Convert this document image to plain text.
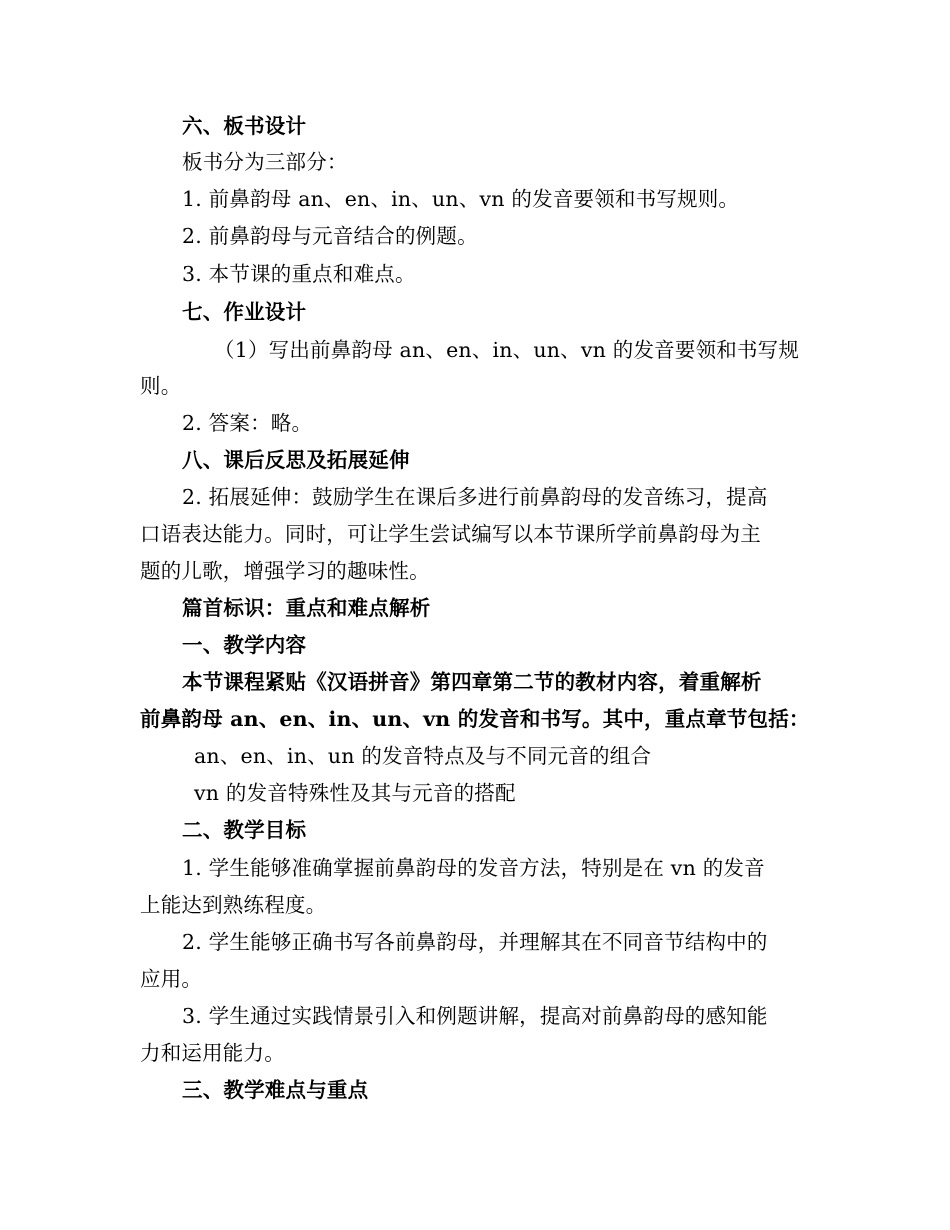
六、板书设计
板书分为三部分：
1. 前鼻韵母 an、en、in、un、vn 的发音要领和书写规则。
2. 前鼻韵母与元音结合的例题。
3. 本节课的重点和难点。
七、作业设计
（1）写出前鼻韵母 an、en、in、un、vn 的发音要领和书写规
则。
2. 答案：略。
八、课后反思及拓展延伸
2. 拓展延伸：鼓励学生在课后多进行前鼻韵母的发音练习，提高
口语表达能力。同时，可让学生尝试编写以本节课所学前鼻韵母为主
题的儿歌，增强学习的趣味性。
篇首标识：重点和难点解析
一、教学内容
本节课程紧贴《汉语拼音》第四章第二节的教材内容，着重解析
前鼻韵母 an、en、in、un、vn 的发音和书写。其中，重点章节包括：
an、en、in、un 的发音特点及与不同元音的组合
vn 的发音特殊性及其与元音的搭配
二、教学目标
1. 学生能够准确掌握前鼻韵母的发音方法，特别是在 vn 的发音
上能达到熟练程度。
2. 学生能够正确书写各前鼻韵母，并理解其在不同音节结构中的
应用。
3. 学生通过实践情景引入和例题讲解，提高对前鼻韵母的感知能
力和运用能力。
三、教学难点与重点
